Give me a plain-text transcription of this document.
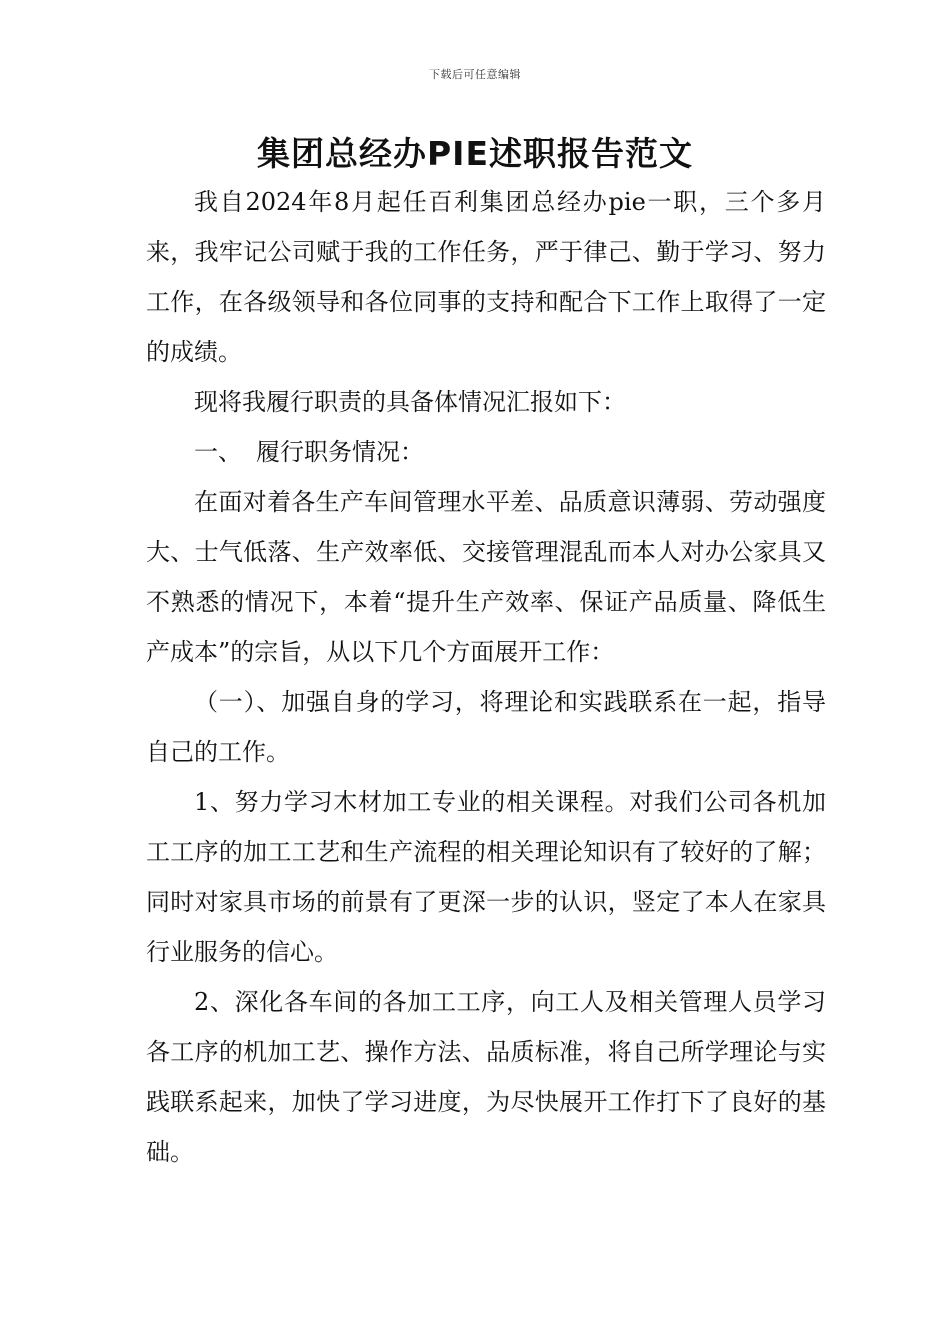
下载后可任意编辑
集团总经办PIE述职报告范文

我自2024年8月起任百利集团总经办pie一职，三个多月来，我牢记公司赋于我的工作任务，严于律己、勤于学习、努力工作，在各级领导和各位同事的支持和配合下工作上取得了一定的成绩。

现将我履行职责的具备体情况汇报如下：

一、 履行职务情况：

在面对着各生产车间管理水平差、品质意识薄弱、劳动强度大、士气低落、生产效率低、交接管理混乱而本人对办公家具又不熟悉的情况下，本着“提升生产效率、保证产品质量、降低生产成本”的宗旨，从以下几个方面展开工作：

（一）、加强自身的学习，将理论和实践联系在一起，指导自己的工作。

1、努力学习木材加工专业的相关课程。对我们公司各机加工工序的加工工艺和生产流程的相关理论知识有了较好的了解；同时对家具市场的前景有了更深一步的认识，竖定了本人在家具行业服务的信心。

2、深化各车间的各加工工序，向工人及相关管理人员学习各工序的机加工艺、操作方法、品质标准，将自己所学理论与实践联系起来，加快了学习进度，为尽快展开工作打下了良好的基础。
